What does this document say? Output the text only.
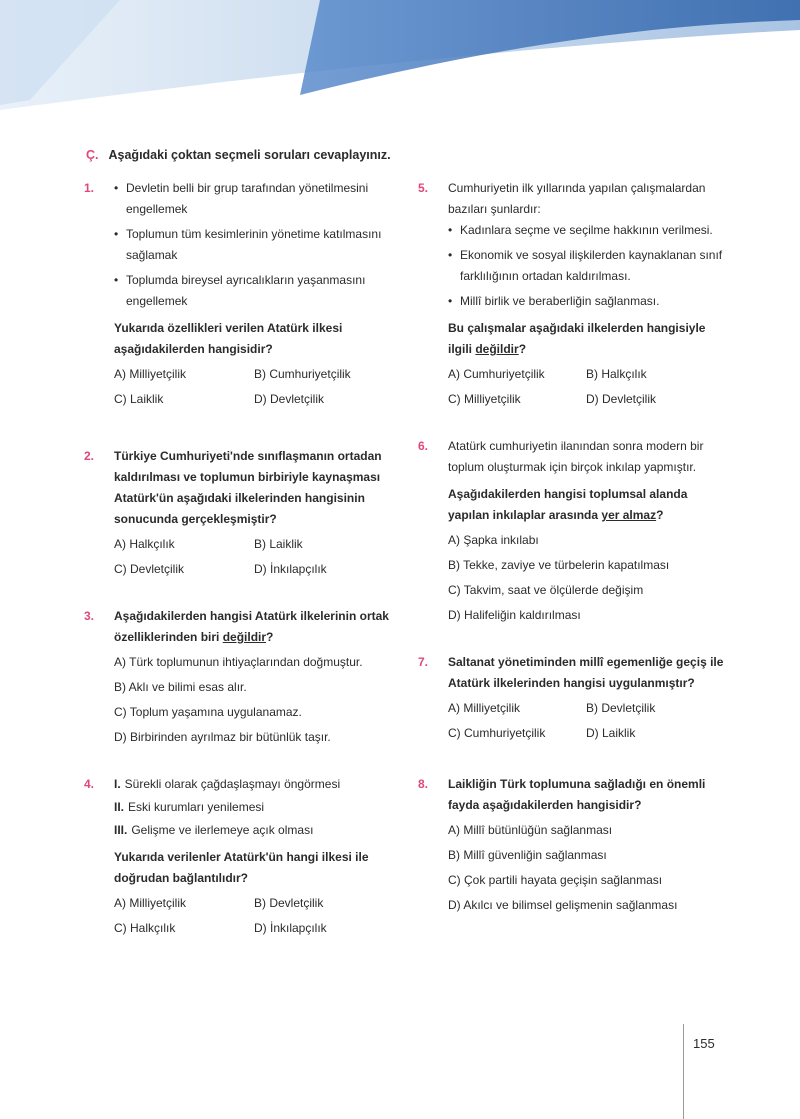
Ç. Aşağıdaki çoktan seçmeli soruları cevaplayınız.
1.
•	Devletin belli bir grup tarafından yönetilmesini engellemek
• Toplumun tüm kesimlerinin yönetime katılmasını sağlamak
• Toplumda bireysel ayrıcalıkların yaşanmasını engellemek
Yukarıda özellikleri verilen Atatürk ilkesi aşağıdakilerden hangisidir?
A) Milliyetçilik	B) Cumhuriyetçilik
C) Laiklik	D) Devletçilik
2. Türkiye Cumhuriyeti'nde sınıflaşmanın ortadan kaldırılması ve toplumun birbiriyle kaynaşması Atatürk'ün aşağıdaki ilkelerinden hangisinin sonucunda gerçekleşmiştir?
A) Halkçılık	B) Laiklik
C) Devletçilik	D) İnkılapçılık
3. Aşağıdakilerden hangisi Atatürk ilkelerinin ortak özelliklerinden biri değildir?
A) Türk toplumunun ihtiyaçlarından doğmuştur.
B) Aklı ve bilimi esas alır.
C) Toplum yaşamına uygulanamaz.
D) Birbirinden ayrılmaz bir bütünlük taşır.
4. I. Sürekli olarak çağdaşlaşmayı öngörmesi
II. Eski kurumları yenilemesi
III. Gelişme ve ilerlemeye açık olması
Yukarıda verilenler Atatürk'ün hangi ilkesi ile doğrudan bağlantılıdır?
A) Milliyetçilik	B) Devletçilik
C) Halkçılık	D) İnkılapçılık
5. Cumhuriyetin ilk yıllarında yapılan çalışmalardan bazıları şunlardır:
• Kadınlara seçme ve seçilme hakkının verilmesi.
• Ekonomik ve sosyal ilişkilerden kaynaklanan sınıf farklılığının ortadan kaldırılması.
• Millî birlik ve beraberliğin sağlanması.
Bu çalışmalar aşağıdaki ilkelerden hangisiyle ilgili değildir?
A) Cumhuriyetçilik	B) Halkçılık
C) Milliyetçilik	D) Devletçilik
6. Atatürk cumhuriyetin ilanından sonra modern bir toplum oluşturmak için birçok inkılap yapmıştır.
Aşağıdakilerden hangisi toplumsal alanda yapılan inkılaplar arasında yer almaz?
A) Şapka inkılabı
B) Tekke, zaviye ve türbelerin kapatılması
C) Takvim, saat ve ölçülerde değişim
D) Halifeliğin kaldırılması
7. Saltanat yönetiminden millî egemenliğe geçiş ile Atatürk ilkelerinden hangisi uygulanmıştır?
A) Milliyetçilik	B) Devletçilik
C) Cumhuriyetçilik	D) Laiklik
8. Laikliğin Türk toplumuna sağladığı en önemli fayda aşağıdakilerden hangisidir?
A) Millî bütünlüğün sağlanması
B) Millî güvenliğin sağlanması
C) Çok partili hayata geçişin sağlanması
D) Akılcı ve bilimsel gelişmenin sağlanması
155
